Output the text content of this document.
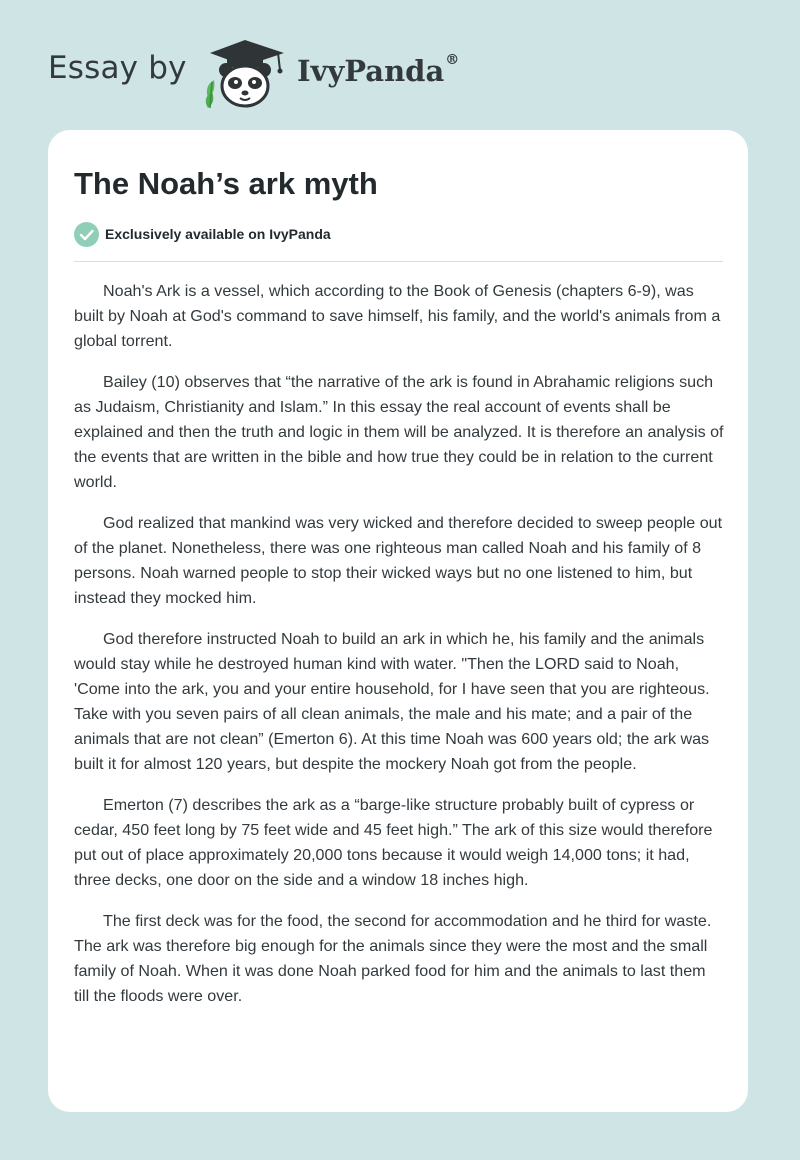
Essay by	IvyPanda®
The Noah’s ark myth
Exclusively available on IvyPanda

Noah's Ark is a vessel, which according to the Book of Genesis (chapters 6-9), was built by Noah at God's command to save himself, his family, and the world's animals from a global torrent.

Bailey (10) observes that “the narrative of the ark is found in Abrahamic religions such as Judaism, Christianity and Islam.” In this essay the real account of events shall be explained and then the truth and logic in them will be analyzed. It is therefore an analysis of the events that are written in the bible and how true they could be in relation to the current world.

God realized that mankind was very wicked and therefore decided to sweep people out of the planet. Nonetheless, there was one righteous man called Noah and his family of 8 persons. Noah warned people to stop their wicked ways but no one listened to him, but instead they mocked him.

God therefore instructed Noah to build an ark in which he, his family and the animals would stay while he destroyed human kind with water. "Then the LORD said to Noah, 'Come into the ark, you and your entire household, for I have seen that you are righteous. Take with you seven pairs of all clean animals, the male and his mate; and a pair of the animals that are not clean” (Emerton 6). At this time Noah was 600 years old; the ark was built it for almost 120 years, but despite the mockery Noah got from the people.

Emerton (7) describes the ark as a “barge-like structure probably built of cypress or cedar, 450 feet long by 75 feet wide and 45 feet high.” The ark of this size would therefore put out of place approximately 20,000 tons because it would weigh 14,000 tons; it had, three decks, one door on the side and a window 18 inches high.

The first deck was for the food, the second for accommodation and he third for waste. The ark was therefore big enough for the animals since they were the most and the small family of Noah. When it was done Noah parked food for him and the animals to last them till the floods were over.
